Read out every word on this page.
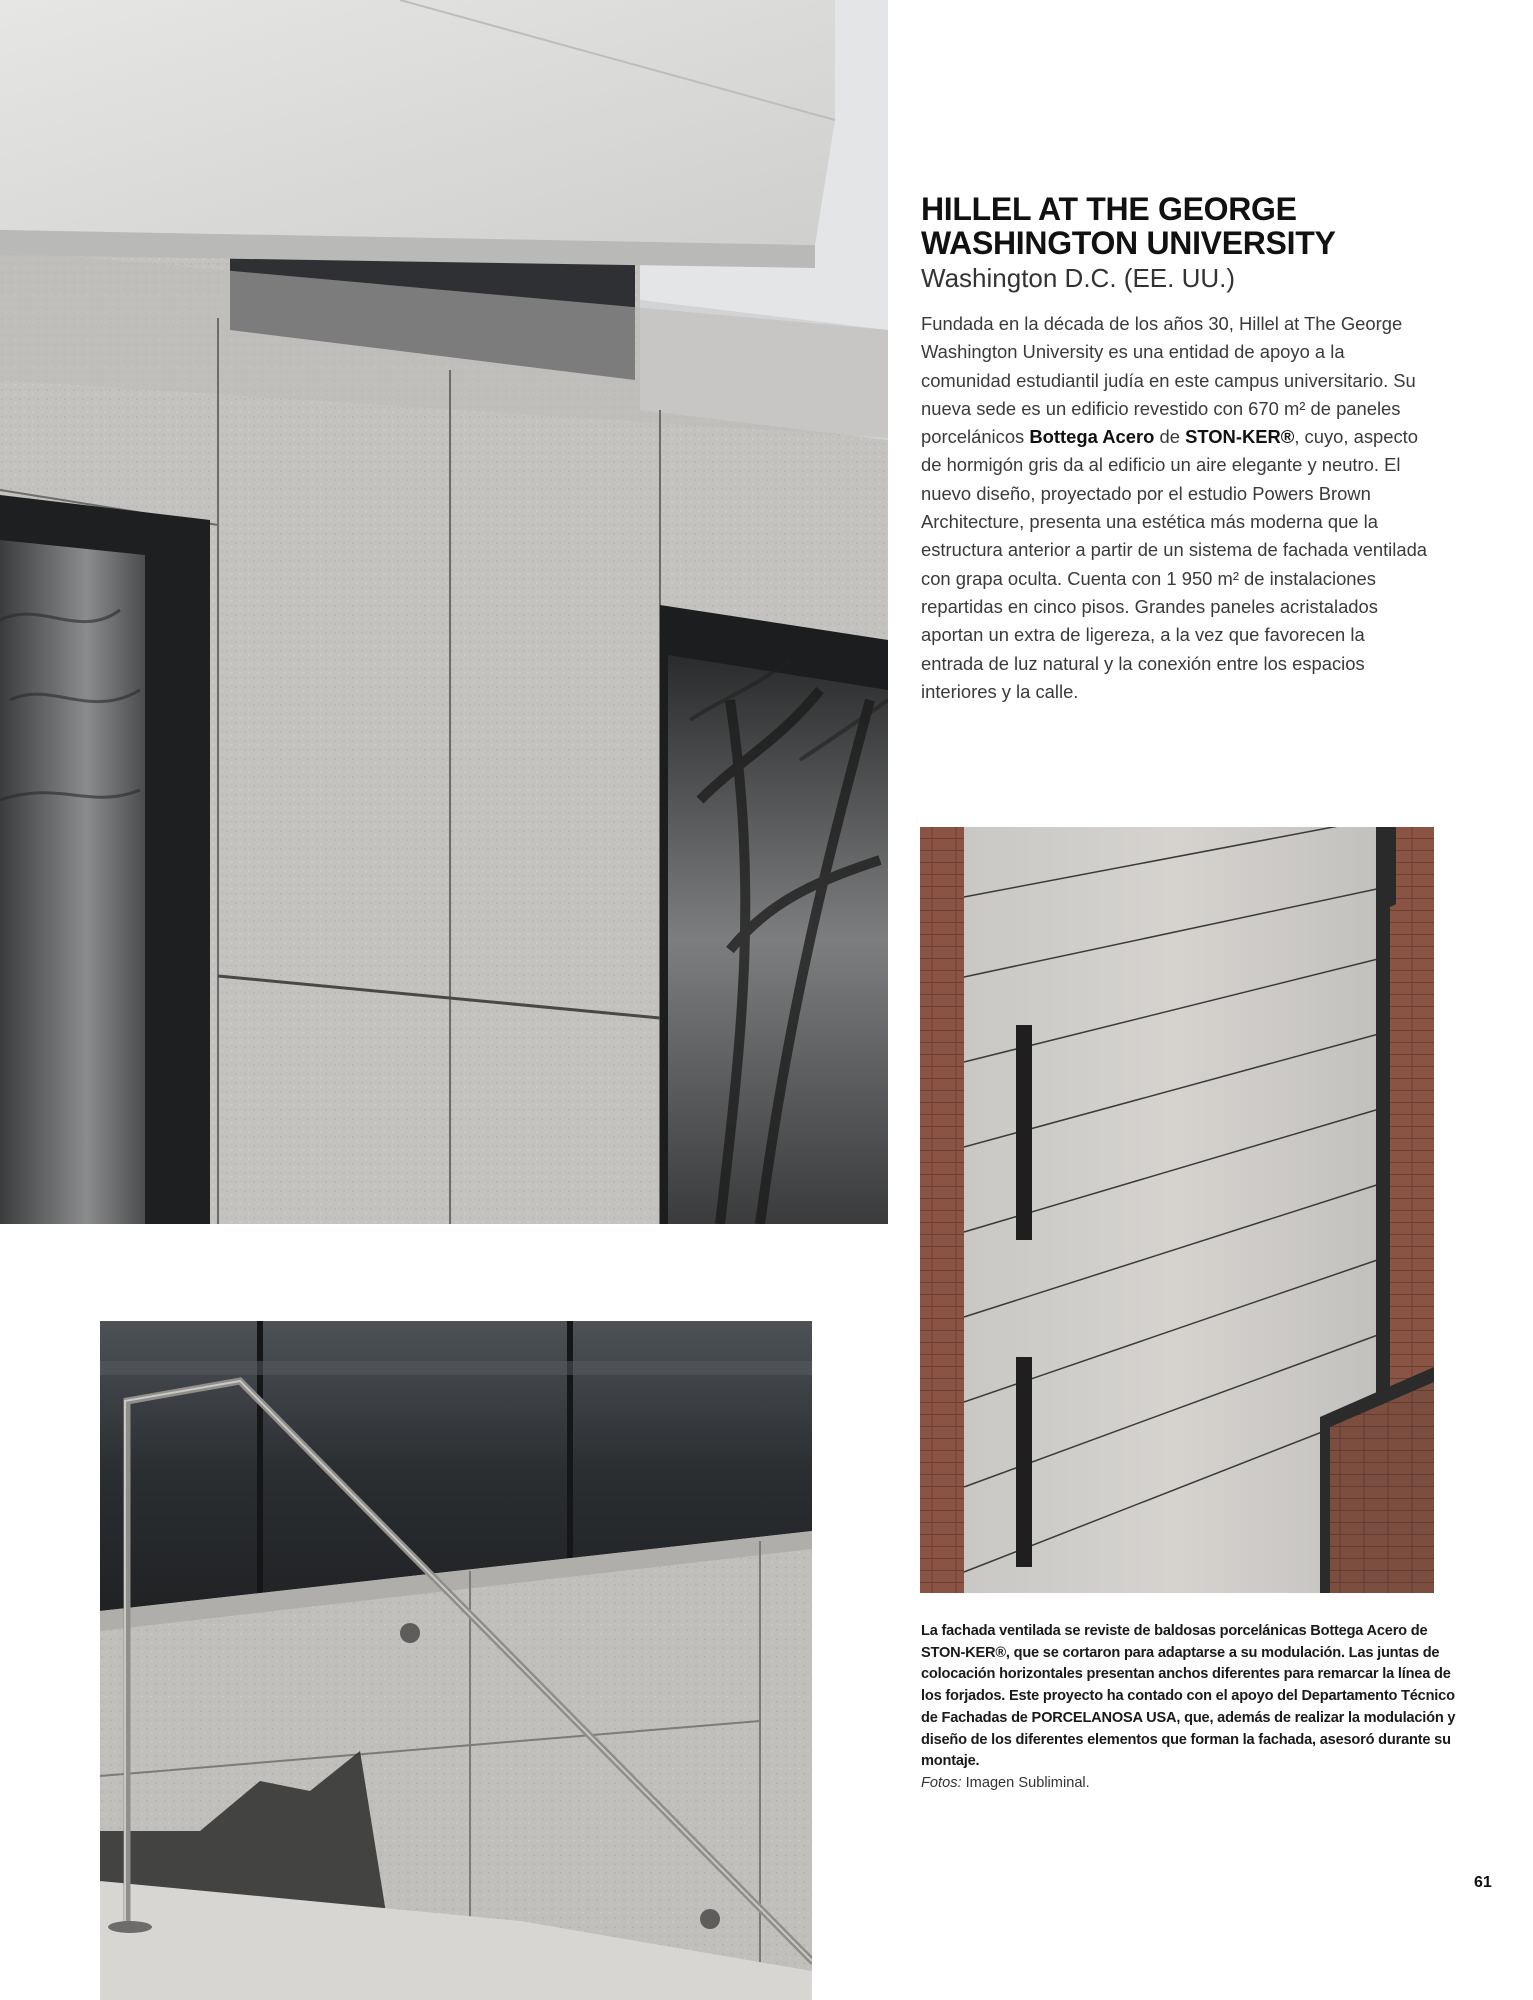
HILLEL AT THE GEORGE
WASHINGTON UNIVERSITY
Washington D.C. (EE. UU.)

Fundada en la década de los años 30, Hillel at The George Washington University es una entidad de apoyo a la comunidad estudiantil judía en este campus universitario. Su nueva sede es un edificio revestido con 670 m² de paneles porcelánicos Bottega Acero de STON-KER®, cuyo, aspecto de hormigón gris da al edificio un aire elegante y neutro. El nuevo diseño, proyectado por el estudio Powers Brown Architecture, presenta una estética más moderna que la estructura anterior a partir de un sistema de fachada ventilada con grapa oculta. Cuenta con 1 950 m² de instalaciones repartidas en cinco pisos. Grandes paneles acristalados aportan un extra de ligereza, a la vez que favorecen la entrada de luz natural y la conexión entre los espacios interiores y la calle.

La fachada ventilada se reviste de baldosas porcelánicas Bottega Acero de STON-KER®, que se cortaron para adaptarse a su modulación. Las juntas de colocación horizontales presentan anchos diferentes para remarcar la línea de los forjados. Este proyecto ha contado con el apoyo del Departamento Técnico de Fachadas de PORCELANOSA USA, que, además de realizar la modulación y diseño de los diferentes elementos que forman la fachada, asesoró durante su montaje.
Fotos: Imagen Subliminal.
61
